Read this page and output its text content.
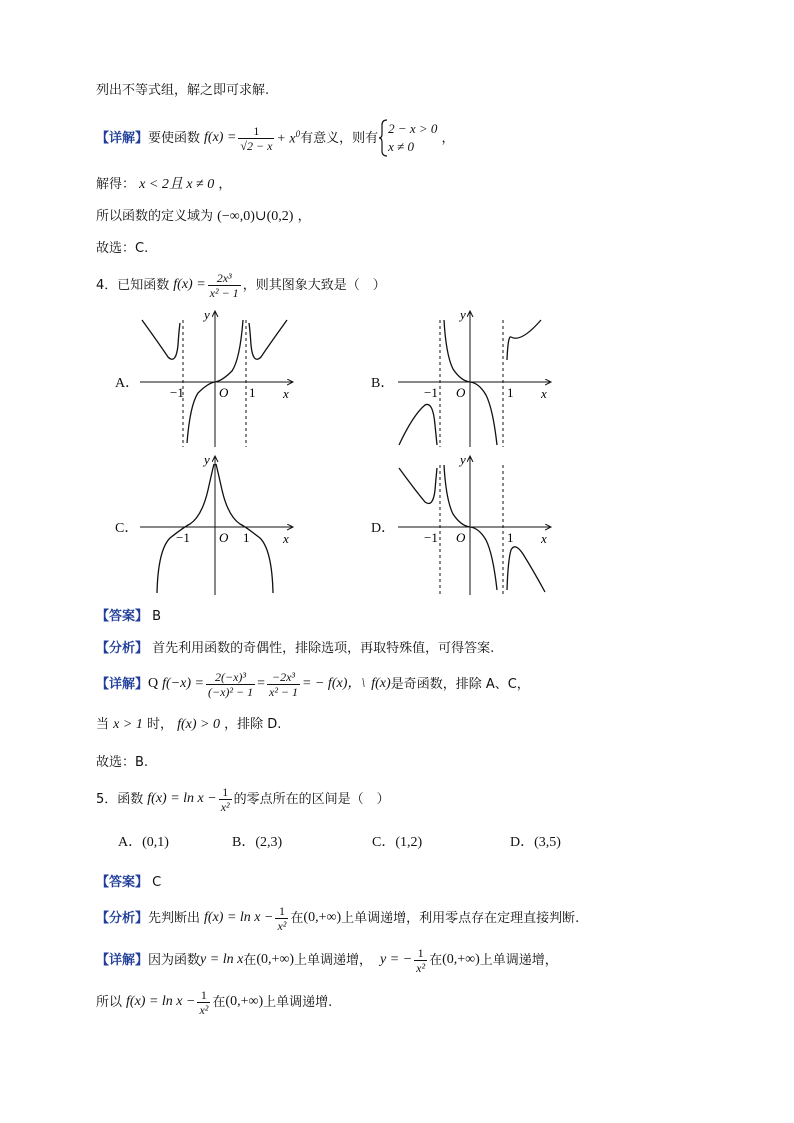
列出不等式组，解之即可求解.
【详解】 要使函数 $f(x) = \frac{1}{√2 - x} + x^0$ 有意义，则有
2 − x > 0
x ≠ 0
，
解得： x < 2且 x ≠ 0 ，
所以函数的定义域为 (−∞,0)∪(0,2) ，
故选：C.
4．已知函数 $f(x) = \frac{\text{2x³}}{\text{x² − 1}}$ ，则其图象大致是（　）
A．	B．
C．	D．
−1	O 1 x
y
−1 O	1 x
y
−1 O 1	x
y
−1 O	1 x
y
【答案】 B
【分析】 首先利用函数的奇偶性，排除选项，再取特殊值，可得答案.
【详解】 Q $f(-x) = \frac{\text{2(−x)³}}{\text{(−x)² − 1}} = \frac{\text{−2x³}}{\text{x² − 1}}$ = − f(x)，\ f(x) 是奇函数，排除 A、C，
当 x > 1 时， f(x) > 0 ，排除 D.
故选：B.
5．函数 $f(x) = \ln x - \frac{1}{\text{x²}}$ 的零点所在的区间是（　）
A．(0,1)	B．(2,3)	C．(1,2)	D．(3,5)
【答案】 C
【分析】 先判断出 $f(x) = \ln x - \frac{1}{\text{x²}}$ 在 (0,+∞) 上单调递增，利用零点存在定理直接判断.
【详解】 因为函数 y = ln x 在 (0,+∞) 上单调递增， y = − $\frac{1}{\text{x²}}$ 在 (0,+∞) 上单调递增，
所以 $f(x) = \ln x - \frac{1}{\text{x²}}$ 在 (0,+∞) 上单调递增.
